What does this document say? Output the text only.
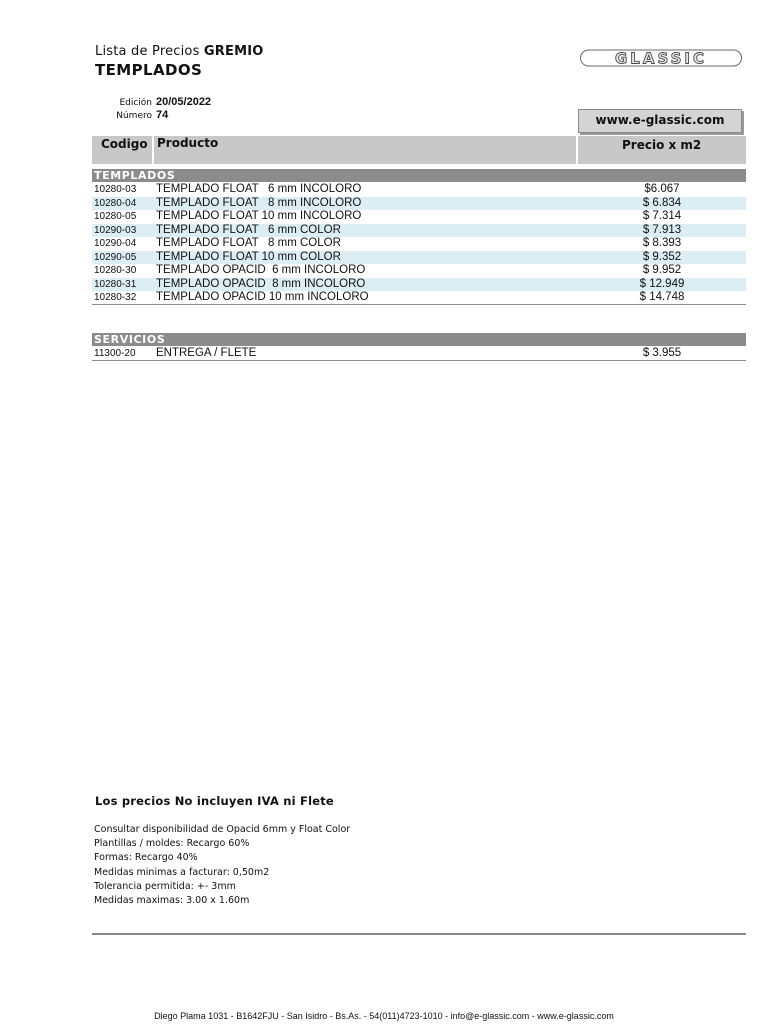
Lista de Precios GREMIO
TEMPLADOS
GLASSIC
Edición 20/05/2022
Número 74	www.e-glassic.com
Codigo Producto	Precio x m2
TEMPLADOS
10280-03 TEMPLADO FLOAT   6 mm INCOLORO	$6.067
10280-04 TEMPLADO FLOAT   8 mm INCOLORO	$ 6.834
10280-05 TEMPLADO FLOAT 10 mm INCOLORO	$ 7.314
10290-03 TEMPLADO FLOAT   6 mm COLOR	$ 7.913
10290-04 TEMPLADO FLOAT   8 mm COLOR	$ 8.393
10290-05 TEMPLADO FLOAT 10 mm COLOR	$ 9.352
10280-30 TEMPLADO OPACID  6 mm INCOLORO	$ 9.952
10280-31 TEMPLADO OPACID  8 mm INCOLORO	$ 12.949
10280-32 TEMPLADO OPACID 10 mm INCOLORO	$ 14.748
SERVICIOS
11300-20 ENTREGA / FLETE	$ 3.955
Los precios No incluyen IVA ni Flete
Consultar disponibilidad de Opacid 6mm y Float Color
Plantillas / moldes: Recargo 60%
Formas: Recargo 40%
Medidas minimas a facturar: 0,50m2
Tolerancia permitida: +- 3mm
Medidas maximas: 3.00 x 1.60m
Diego Plama 1031 - B1642FJU - San Isidro - Bs.As. - 54(011)4723-1010 - info@e-glassic.com - www.e-glassic.com
